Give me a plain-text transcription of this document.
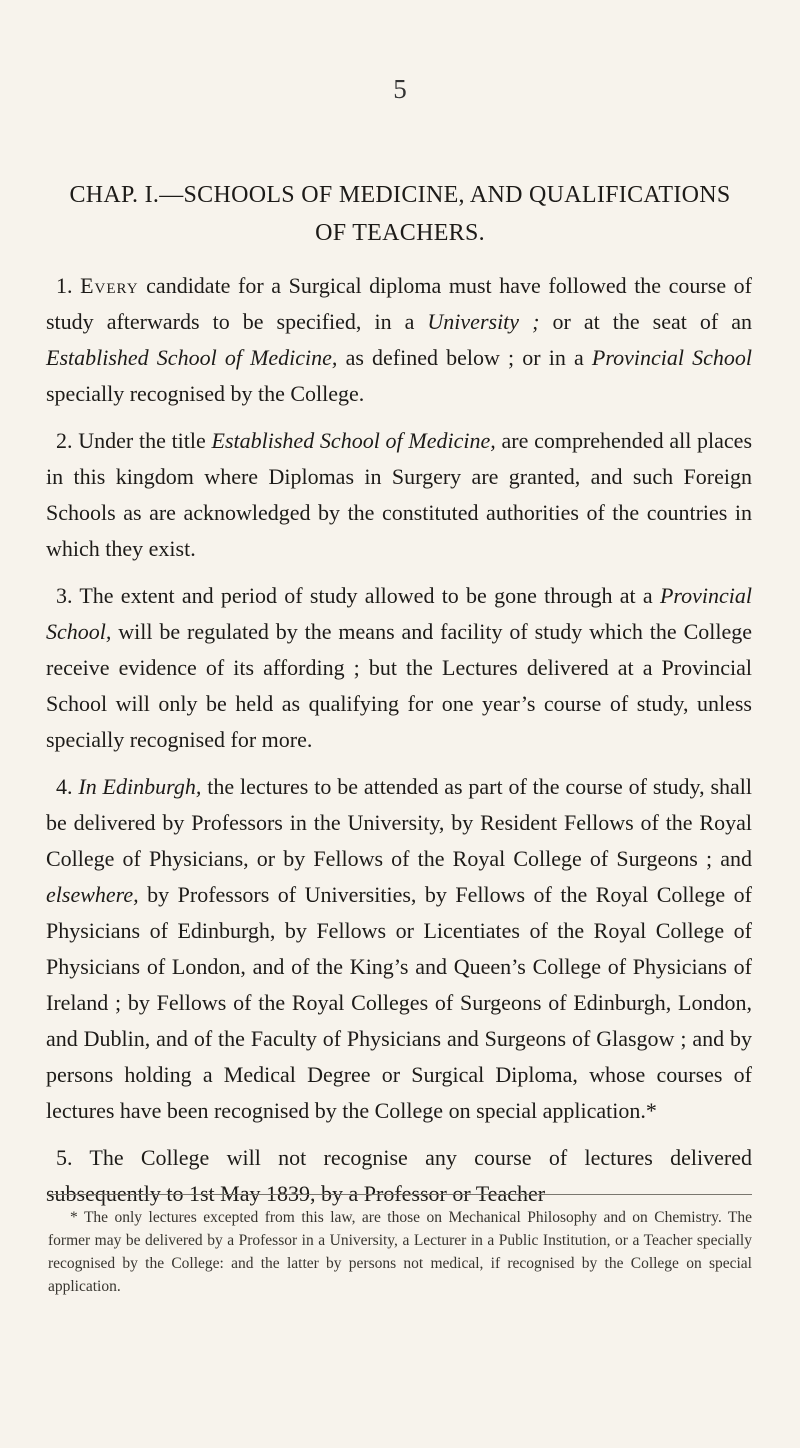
5
CHAP. I.—SCHOOLS OF MEDICINE, AND QUALIFICATIONS OF TEACHERS.

1. Every candidate for a Surgical diploma must have followed the course of study afterwards to be specified, in a University ; or at the seat of an Established School of Medicine, as defined below ; or in a Provincial School specially recognised by the College.

2. Under the title Established School of Medicine, are comprehended all places in this kingdom where Diplomas in Surgery are granted, and such Foreign Schools as are acknowledged by the constituted authorities of the countries in which they exist.

3. The extent and period of study allowed to be gone through at a Provincial School, will be regulated by the means and facility of study which the College receive evidence of its affording ; but the Lectures delivered at a Provincial School will only be held as qualifying for one year’s course of study, unless specially recognised for more.

4. In Edinburgh, the lectures to be attended as part of the course of study, shall be delivered by Professors in the University, by Resident Fellows of the Royal College of Physicians, or by Fellows of the Royal College of Surgeons ; and elsewhere, by Professors of Universities, by Fellows of the Royal College of Physicians of Edinburgh, by Fellows or Licentiates of the Royal College of Physicians of London, and of the King’s and Queen’s College of Physicians of Ireland ; by Fellows of the Royal Colleges of Surgeons of Edinburgh, London, and Dublin, and of the Faculty of Physicians and Surgeons of Glasgow ; and by persons holding a Medical Degree or Surgical Diploma, whose courses of lectures have been recognised by the College on special application.*

5. The College will not recognise any course of lectures delivered subsequently to 1st May 1839, by a Professor or Teacher

* The only lectures excepted from this law, are those on Mechanical Philosophy and on Chemistry. The former may be delivered by a Professor in a University, a Lecturer in a Public Institution, or a Teacher specially recognised by the College: and the latter by persons not medical, if recognised by the College on special application.
